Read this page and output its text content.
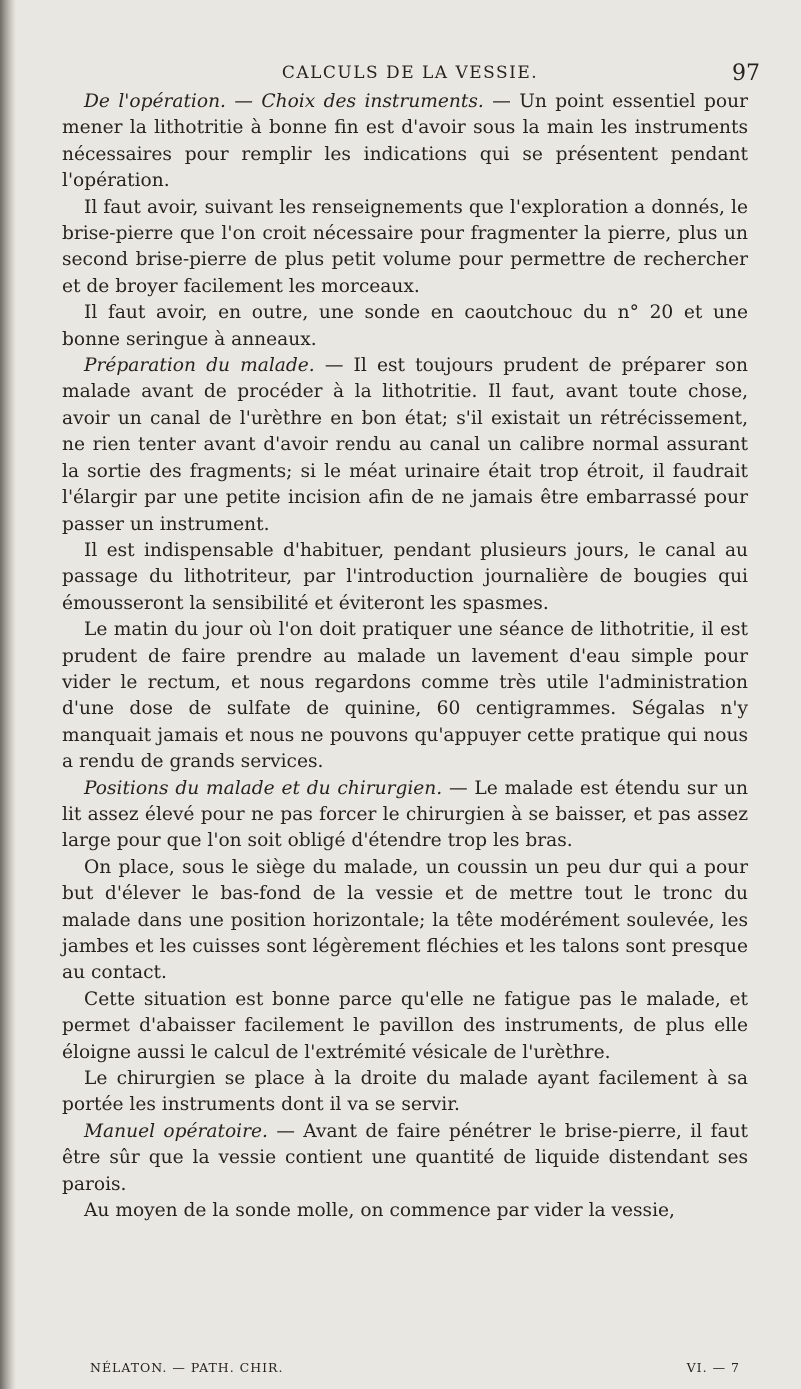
CALCULS DE LA VESSIE.	97

De l'opération. — Choix des instruments. — Un point essentiel pour mener la lithotritie à bonne fin est d'avoir sous la main les instruments nécessaires pour remplir les indications qui se présentent pendant l'opération.

Il faut avoir, suivant les renseignements que l'exploration a donnés, le brise-pierre que l'on croit nécessaire pour fragmenter la pierre, plus un second brise-pierre de plus petit volume pour permettre de rechercher et de broyer facilement les morceaux.

Il faut avoir, en outre, une sonde en caoutchouc du n° 20 et une bonne seringue à anneaux.

Préparation du malade. — Il est toujours prudent de préparer son malade avant de procéder à la lithotritie. Il faut, avant toute chose, avoir un canal de l'urèthre en bon état; s'il existait un rétrécissement, ne rien tenter avant d'avoir rendu au canal un calibre normal assurant la sortie des fragments; si le méat urinaire était trop étroit, il faudrait l'élargir par une petite incision afin de ne jamais être embarrassé pour passer un instrument.

Il est indispensable d'habituer, pendant plusieurs jours, le canal au passage du lithotriteur, par l'introduction journalière de bougies qui émousseront la sensibilité et éviteront les spasmes.

Le matin du jour où l'on doit pratiquer une séance de lithotritie, il est prudent de faire prendre au malade un lavement d'eau simple pour vider le rectum, et nous regardons comme très utile l'administration d'une dose de sulfate de quinine, 60 centigrammes. Ségalas n'y manquait jamais et nous ne pouvons qu'appuyer cette pratique qui nous a rendu de grands services.

Positions du malade et du chirurgien. — Le malade est étendu sur un lit assez élevé pour ne pas forcer le chirurgien à se baisser, et pas assez large pour que l'on soit obligé d'étendre trop les bras.

On place, sous le siège du malade, un coussin un peu dur qui a pour but d'élever le bas-fond de la vessie et de mettre tout le tronc du malade dans une position horizontale; la tête modérément soulevée, les jambes et les cuisses sont légèrement fléchies et les talons sont presque au contact.

Cette situation est bonne parce qu'elle ne fatigue pas le malade, et permet d'abaisser facilement le pavillon des instruments, de plus elle éloigne aussi le calcul de l'extrémité vésicale de l'urèthre.

Le chirurgien se place à la droite du malade ayant facilement à sa portée les instruments dont il va se servir.

Manuel opératoire. — Avant de faire pénétrer le brise-pierre, il faut être sûr que la vessie contient une quantité de liquide distendant ses parois.

Au moyen de la sonde molle, on commence par vider la vessie,

NÉLATON. — PATH. CHIR.	VI. — 7
